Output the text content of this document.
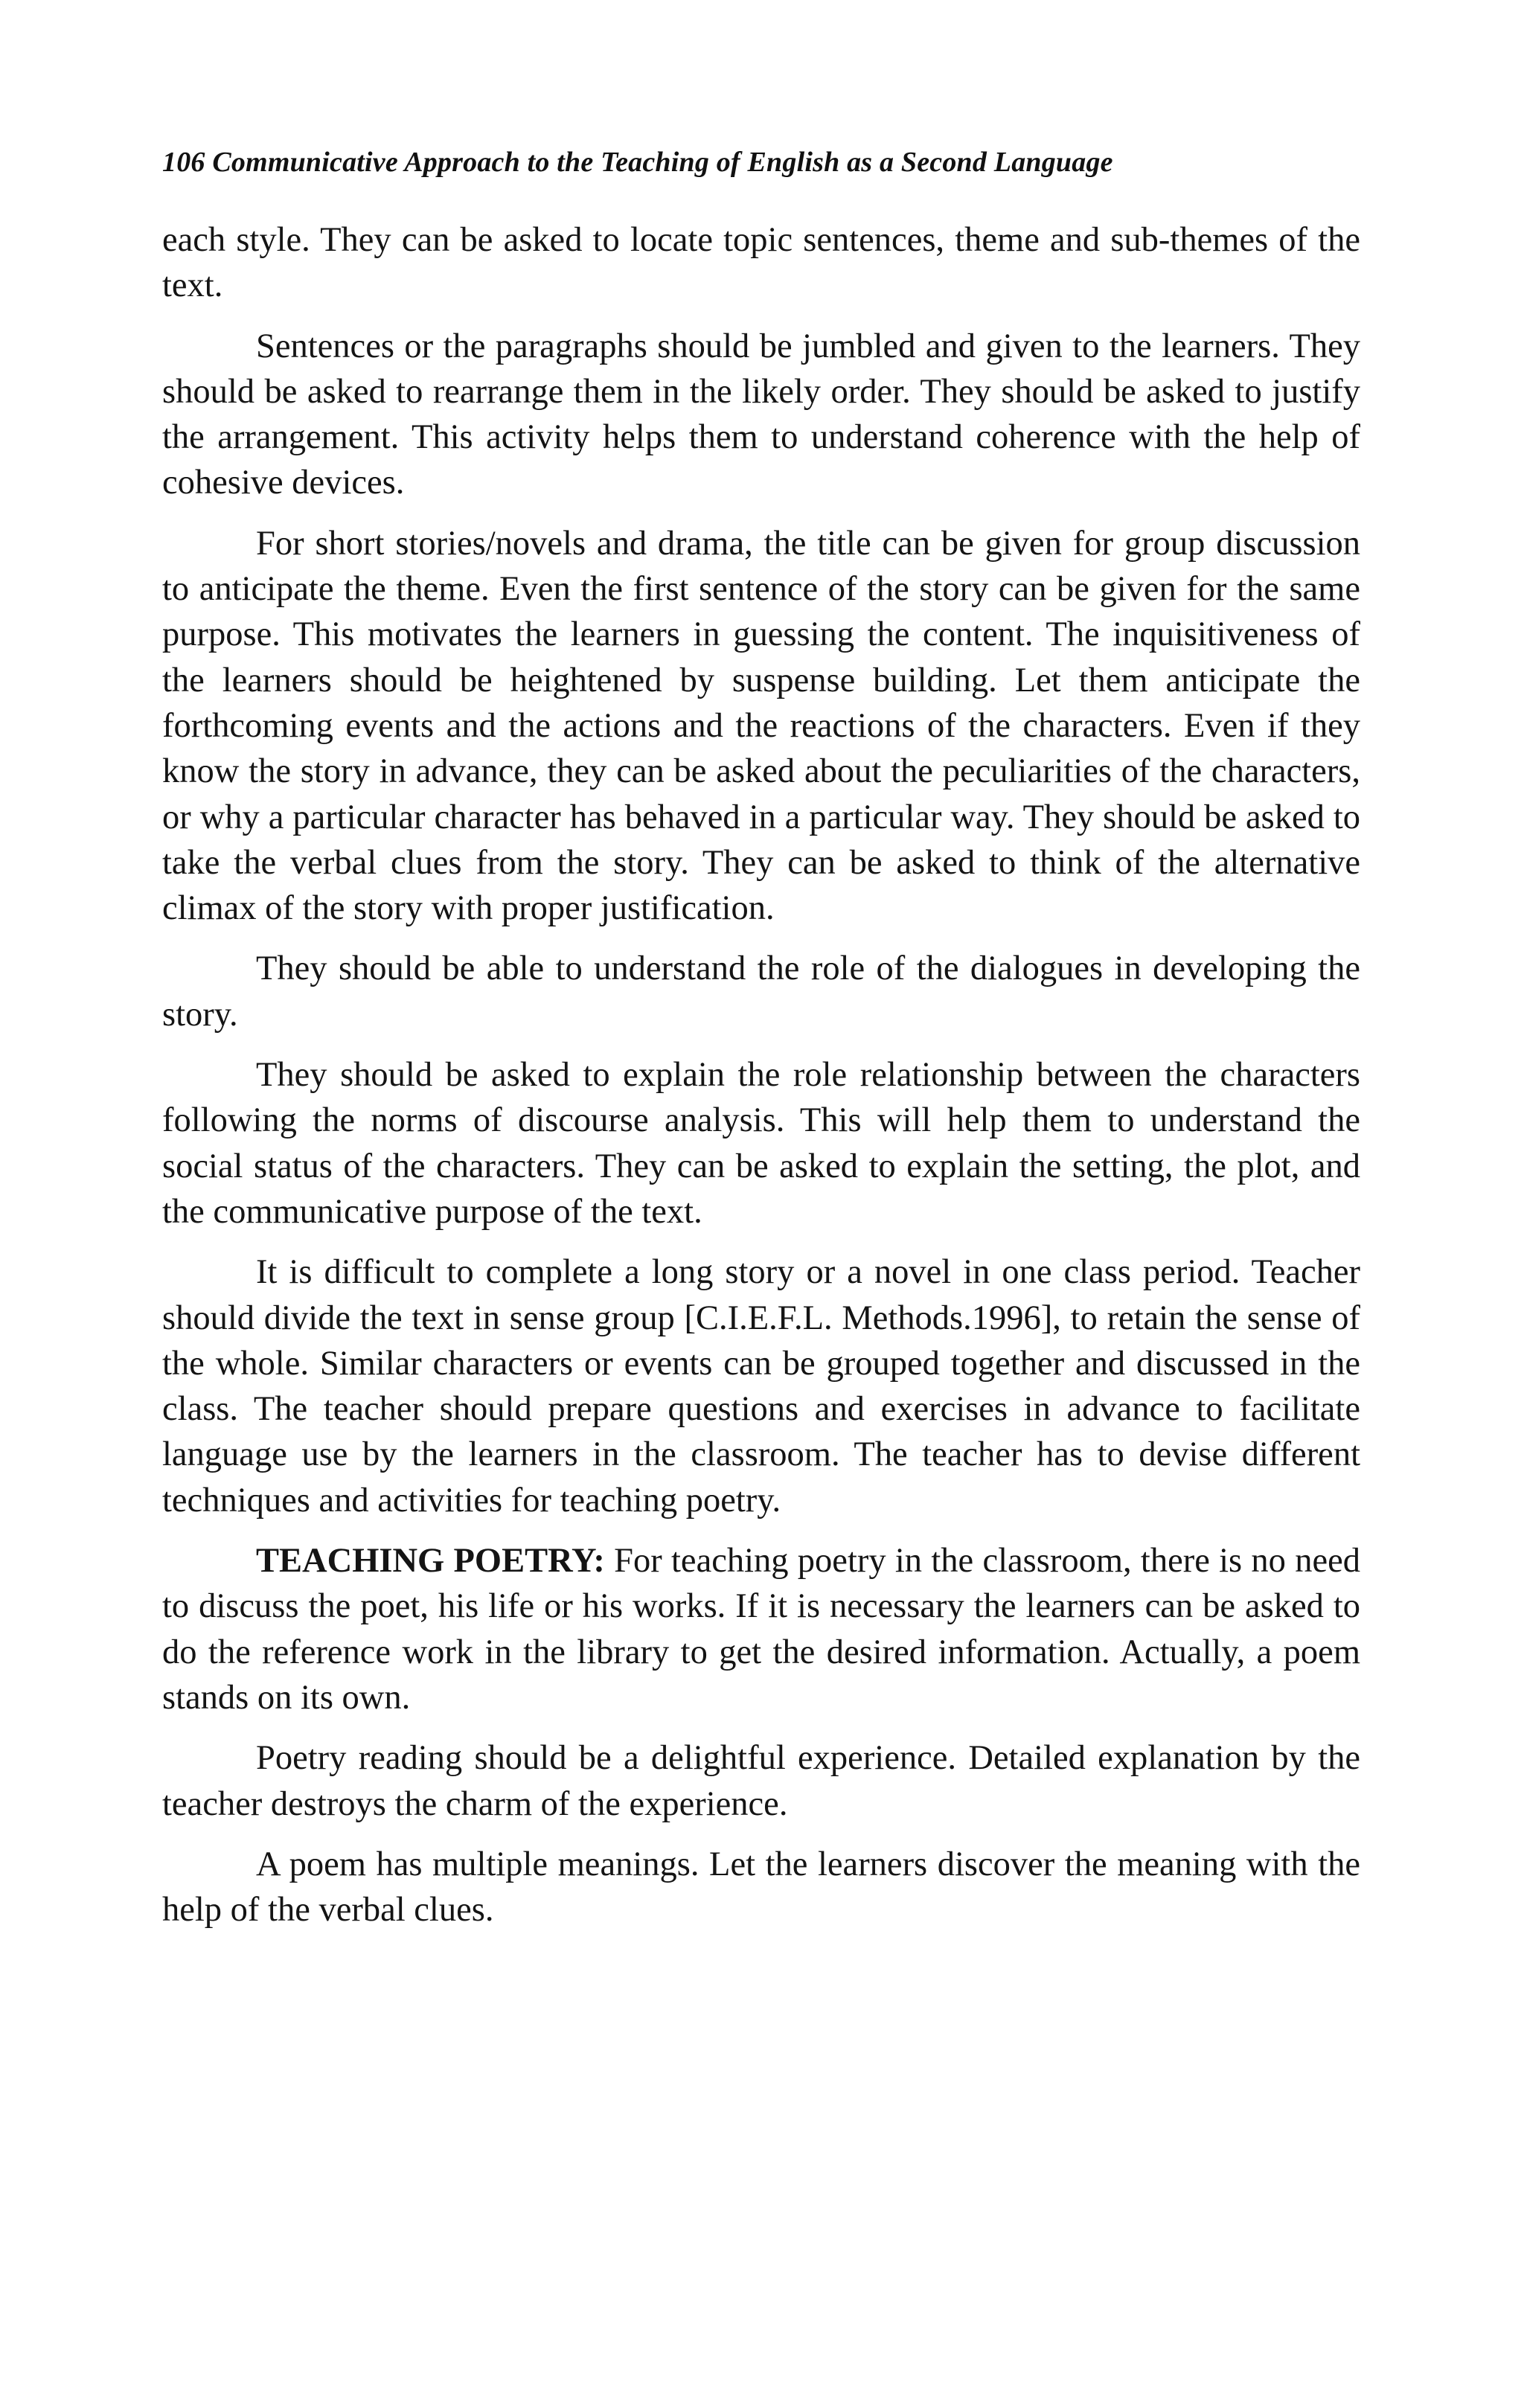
106 Communicative Approach to the Teaching of English as a Second Language

each style. They can be asked to locate topic sentences, theme and sub-themes of the text.

Sentences or the paragraphs should be jumbled and given to the learners. They should be asked to rearrange them in the likely order. They should be asked to justify the arrangement. This activity helps them to understand coherence with the help of cohesive devices.

For short stories/novels and drama, the title can be given for group discussion to anticipate the theme. Even the first sentence of the story can be given for the same purpose. This motivates the learners in guessing the content. The inquisitiveness of the learners should be heightened by suspense building. Let them anticipate the forthcoming events and the actions and the reactions of the characters. Even if they know the story in advance, they can be asked about the peculiarities of the characters, or why a particular character has behaved in a particular way. They should be asked to take the verbal clues from the story. They can be asked to think of the alternative climax of the story with proper justification.

They should be able to understand the role of the dialogues in developing the story.

They should be asked to explain the role relationship between the characters following the norms of discourse analysis. This will help them to understand the social status of the characters. They can be asked to explain the setting, the plot, and the communicative purpose of the text.

It is difficult to complete a long story or a novel in one class period. Teacher should divide the text in sense group [C.I.E.F.L. Methods.1996], to retain the sense of the whole. Similar characters or events can be grouped together and discussed in the class. The teacher should prepare questions and exercises in advance to facilitate language use by the learners in the classroom. The teacher has to devise different techniques and activities for teaching poetry.

TEACHING POETRY: For teaching poetry in the classroom, there is no need to discuss the poet, his life or his works. If it is necessary the learners can be asked to do the reference work in the library to get the desired information. Actually, a poem stands on its own.

Poetry reading should be a delightful experience. Detailed explanation by the teacher destroys the charm of the experience.

A poem has multiple meanings. Let the learners discover the meaning with the help of the verbal clues.
